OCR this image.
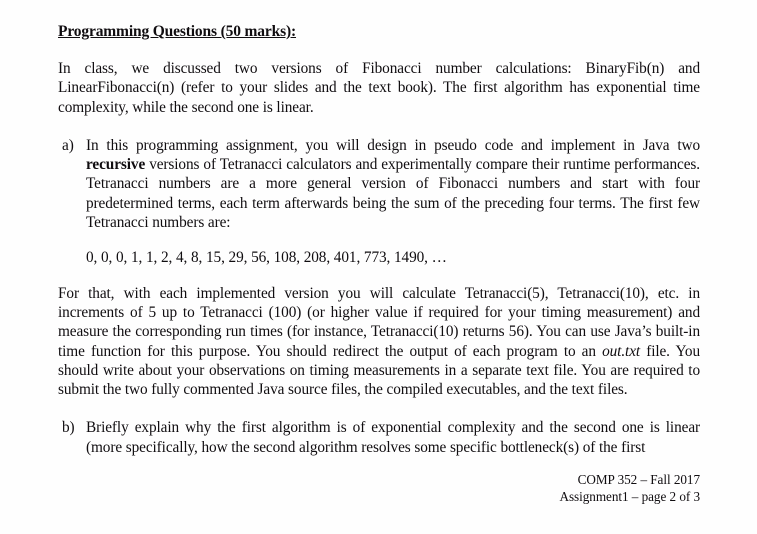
Programming Questions (50 marks):

In class, we discussed two versions of Fibonacci number calculations: BinaryFib(n) and LinearFibonacci(n) (refer to your slides and the text book). The first algorithm has exponential time complexity, while the second one is linear.

a) In this programming assignment, you will design in pseudo code and implement in Java two recursive versions of Tetranacci calculators and experimentally compare their runtime performances. Tetranacci numbers are a more general version of Fibonacci numbers and start with four predetermined terms, each term afterwards being the sum of the preceding four terms. The first few Tetranacci numbers are:
0, 0, 0, 1, 1, 2, 4, 8, 15, 29, 56, 108, 208, 401, 773, 1490, …

For that, with each implemented version you will calculate Tetranacci(5), Tetranacci(10), etc. in increments of 5 up to Tetranacci (100) (or higher value if required for your timing measurement) and measure the corresponding run times (for instance, Tetranacci(10) returns 56). You can use Java’s built-in time function for this purpose. You should redirect the output of each program to an out.txt file. You should write about your observations on timing measurements in a separate text file. You are required to submit the two fully commented Java source files, the compiled executables, and the text files.

b) Briefly explain why the first algorithm is of exponential complexity and the second one is linear (more specifically, how the second algorithm resolves some specific bottleneck(s) of the first
COMP 352 – Fall 2017
Assignment1 – page 2 of 3
